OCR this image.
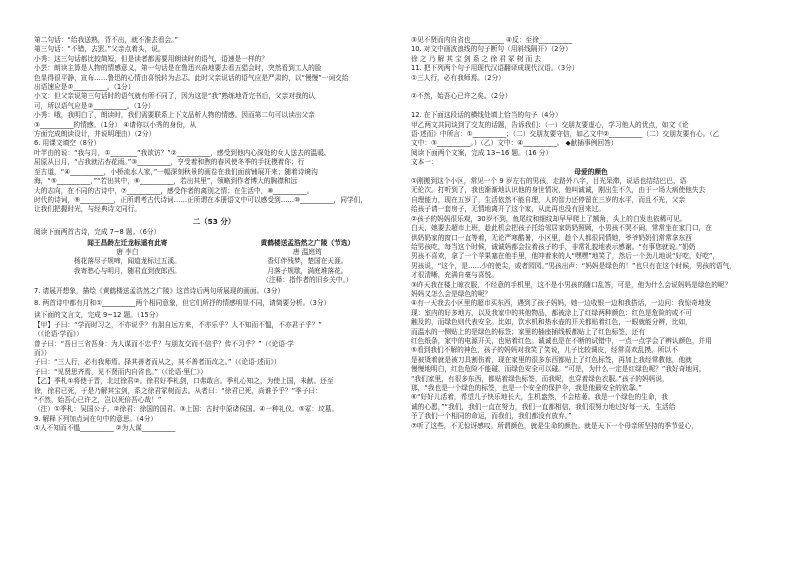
第二句话：“给我送熟，背不出，就不准去看会。”
第三句话：“不错，去罢。”父亲点着头，说。
小秀：这三句话都比较简短，但是读者都需要用朗读时的语气，语速是一样的？
小芸：朗读主算是人物的情感意义，第一句话是在鲁迅兴奋地要去看五猖会时，突然看到工人的脸
色显得很平静，宣布……鲁迅的心情由喜悦转为忐忑。此时父亲说话的语气应是严肃的，以“慢慢”一词交给
出语速应是①__________。（1分）
小文：但父亲说第三句话时的语气就有所不同了，因为这是“我”熟练地背完书后，父亲对我的认
可，所以语气应是②__________。（1分）
小秀：哦，我明白了，朗读时，我们需要联系上下文品析人物的情感。因而第二句可以读出父亲
③__________的情感。（1分） ④请你以小秀的身份，从
方面完成朗读设计，并说明理由）（2分）
6. 用课文填空（8分）
叶芊由的说：“我与月，①________“我欲访？”②__________，感受到他内心深处的女人送去的温暖。
屈原从日月，“占我就沾杏花雨。”③__________，亨受着和煦的春风使冬季的手抚摸着你；行
至古道，“④__________，小桥流水人家，”一幅深刻秋景的画卷在我们面前铺展开来；随着诗境沟
海，“⑤__________，”“若出其中，⑥__________，若出其里”，领略到作者博大的胸襟和远
大的志向，在不同的古诗中，⑦__________，感受作者的离别之情；在生活中，⑧__________。
时代的诗词，⑨__________，正所谓考古代诗词……正所谓在本册语文中可以感受到……⑩__________，同学们，
让我们把握时光，与经典诗文同行。
二（53 分）
阅读下面两首古诗，完成 7~8 题。（6分）
闻王昌龄左迁龙标遥有此寄
唐 李白
杨花落尽子规啼，闻道龙标过五溪。
我寄愁心与明月，随君直到夜郎西。
黄鹤楼送孟浩然之广陵（节选）
唐 温庭筠
香灯伴残梦，楚国在天涯。
月落子规歇，满庭堆落花。
（注释：指作者的旧乡关中。）
7. 请展开想象，描绘《黄鹤楼送孟浩然之广陵》这首诗后两句所展现的画面。（3分）
8. 两首诗中都有月和①__________两个相同意象，但它们所抒的情感明显不同，请简要分析。（3分）
读下面的文言文，完成 9~12 题。（15分）
【甲】子曰：“学而时习之，不亦说乎？有朋自远方来，不亦乐乎？人不知而不愠，不亦君子乎？”
（《论语·学而》）
曾子曰：“吾日三省吾身：为人谋而不忠乎？与朋友交而不信乎？传不习乎？”（《论语·学
而》）
子曰：“三人行，必有我师焉。择其善者而从之，其不善者而改之。”（《论语·述而》）
子曰：“见贤思齐焉，见不贤而内自省也。”（《论语·里仁》）
【乙】季札①将使于晋，北过徐君②。徐君好季札剑，口弗敢言。季札心知之，为使上国，未献。还至
徐，徐君已死，于是乃解其宝剑，系之徐君冢树而去。从者曰：“徐君已死，尚谁予乎？”季子曰：
“不然，始吾心已许之，岂以死倍吾心哉！”
（注）①季札：吴国公子。②徐君：徐国的国君。③上国：古时中原诸侯国。④一种礼仪。⑤冢：坟墓。
9. 解释下列加点词在句中的意思。（4分）
①人不知而不愠__________ ②为人谋__________
③见不贤而内自省也__________ ④反：至徐__________
10. 对文中画波浪线的句子断句（用斜线隔开）（2分）
徐 之 乃 解 其 宝 剑 系 之 徐 君 冢 树 而 去
11. 把下列两个句子用现代汉语翻译成现代汉语。（3分）
①三人行，必有我师焉。（2分）
②不然，始吾心已许之矣。（2分）
12. 在下面这段话的横线处填上恰当的句子（4分）
甲乙两文共同谈到了交友的话题，告诉我们：（一）交朋友要虚心，学习他人的优点，如文《论
语·述而》中所言：①__________；（二）交朋友要守信，如乙文中②__________（二）交朋友要有心。（乙
文中：③__________。）（乙）文中：④__________。 ◆献插事例回答）
阅读下面两个文案，完成 13~16 题。（16 分）
文本一：
母爱的颜色
①刚搬到这个小区，常见一个 9 岁左右的男孩，走路外八字，目光呆滞，说话也结结巴巴，语
无伦次。打听到了，我也渐渐地认识他的身世情况，他叫诚诚，刚出生不久，由于一场大病使他失去
自理能力，现在五岁了，生活依然不能自理，人的智力还停留在三岁的水平，而且不光，父亲
给孩子请一套房子，无情地离开了这个家，从此再也没有回来过。
②孩子的妈妈很乐观，30岁不到，鱼尾纹和细纹却早早爬上了额角，头上的白发也依稀可见。
白天，她要去超市上班，趁此机会把孩子托给邻居家奶奶照顾，小男孩不哭不闹，常常坐在家门口，在
供奶奶家的窗口一直等着，无论严寒酷暑，小区里，趁个人都很同情她，爷爷奶奶们常常拿东西
给男孩吃，每当这个时候，诚诚妈都会拉着孩子的手，非常礼貌地表示感谢。“有事您就说。”奶奶
男孩不喜欢，拿了一个苹果塞在他手里，他冲着来的人“嘿嘿”地笑了，然后一个劲儿地说“好吃，好吃”，
男孩说，“这个，是……少的使尖，或者园园。”男孩出声：“妈妈是绿色的！”也只有在这个时候，男孩的语气，
才很清晰，充满自豪与喜悦。
③昨天我在楼上晾衣服，不经意的手机里，这不是小男孩的随口乱答，可是，他为什么会说妈妈是绿色的呢？
妈妈又怎么会是绿色的呢？
④有一天我去小区里的超市买东西，遇到了孩子妈妈，她一边收银一边和我搭话，一边问：我惊奇地发
现：室内的好多地方，以及我家中的其他物品，都被涂上了红绿两种颜色：红色是危险的或不可
触及的，而绿色则代表安全。比如，饮水机和热水壶的开关都贴着红色，一眼就能分辨，比如，
而温水的一侧贴上的是绿色的标签；家里的插座插线板都贴上了红色标签，还有
红色纸条，家中的电源开关，也贴着红色。诚诚也是在不断的试错中，一点一点学会了辨认颜色，并用
⑤看到我们不解的神色，孩子的妈妈对我笑了笑说，儿子比较调皮，经常喜欢乱摸，所以不
是被烫着就是被刀具割伤着，现在家里的很多东西都贴上了红色标签，再加上我经常教他，他就
慢慢地明白，红色危险不能碰，而绿色安全可以碰。“可是，为什么一定是红绿色呢？”我好奇地问，
“我们家里，有很多东西，都贴着绿色标签，而我呢，也穿着绿色衣服。”孩子的妈妈说，
那，“我也是一个绿色的标签，也是一个安全的保护伞，我是他最安全的依靠。”
⑥“好好儿活着，希望儿子快乐地长大，生机盎然，不会枯萎。我是一个绿色的生命，我
诚的心愿，”“我们，我们一直在努力，我们一直都相信，我们很努力地过好每一天，生活给
予了我们一个相同的命运，而我们，我们都没有放弃。”
⑦听了这些，不无惊讶感叹。所谓颜色，就是生命的颜色。就是天下一个母亲所坚持的季节爱心，
